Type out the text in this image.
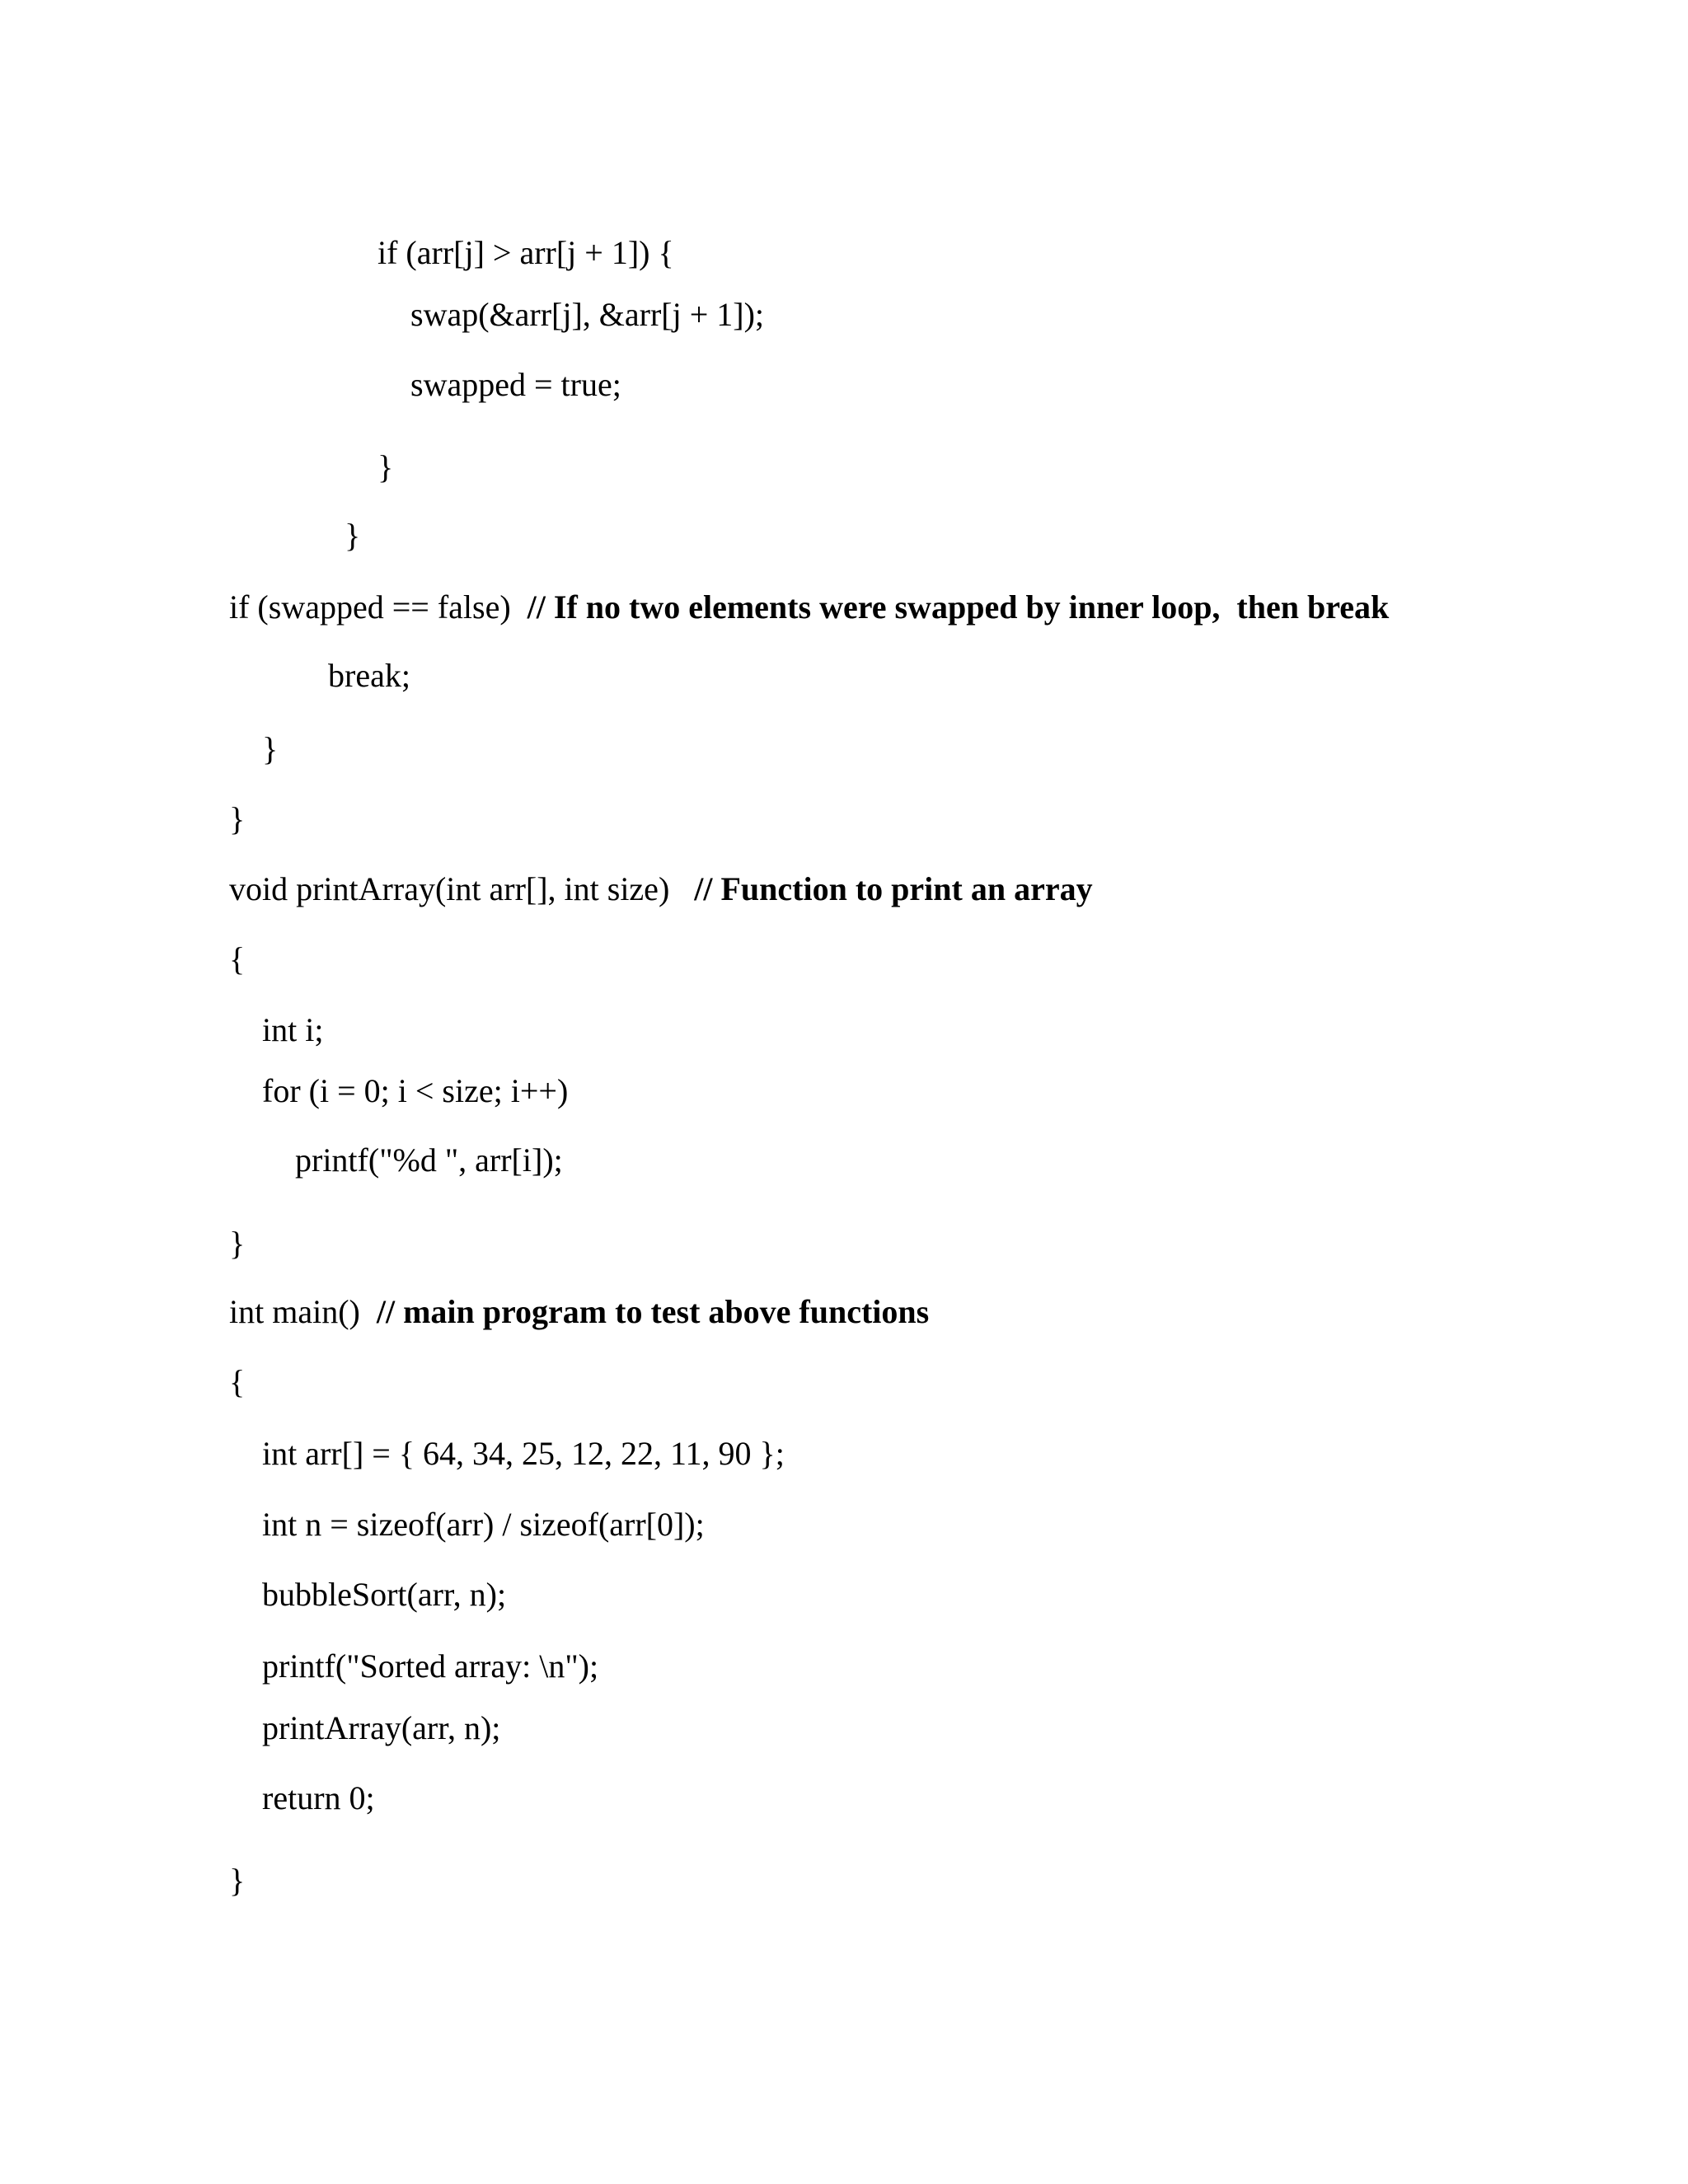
if (arr[j] > arr[j + 1]) {

swap(&arr[j], &arr[j + 1]);

swapped = true;

}

}

if (swapped == false)  // If no two elements were swapped by inner loop,  then break

break;

}

}

void printArray(int arr[], int size)   // Function to print an array

{

int i;

for (i = 0; i < size; i++)

printf("%d ", arr[i]);

}

int main()  // main program to test above functions

{

int arr[] = { 64, 34, 25, 12, 22, 11, 90 };

int n = sizeof(arr) / sizeof(arr[0]);

bubbleSort(arr, n);

printf("Sorted array: \n");

printArray(arr, n);

return 0;

}
